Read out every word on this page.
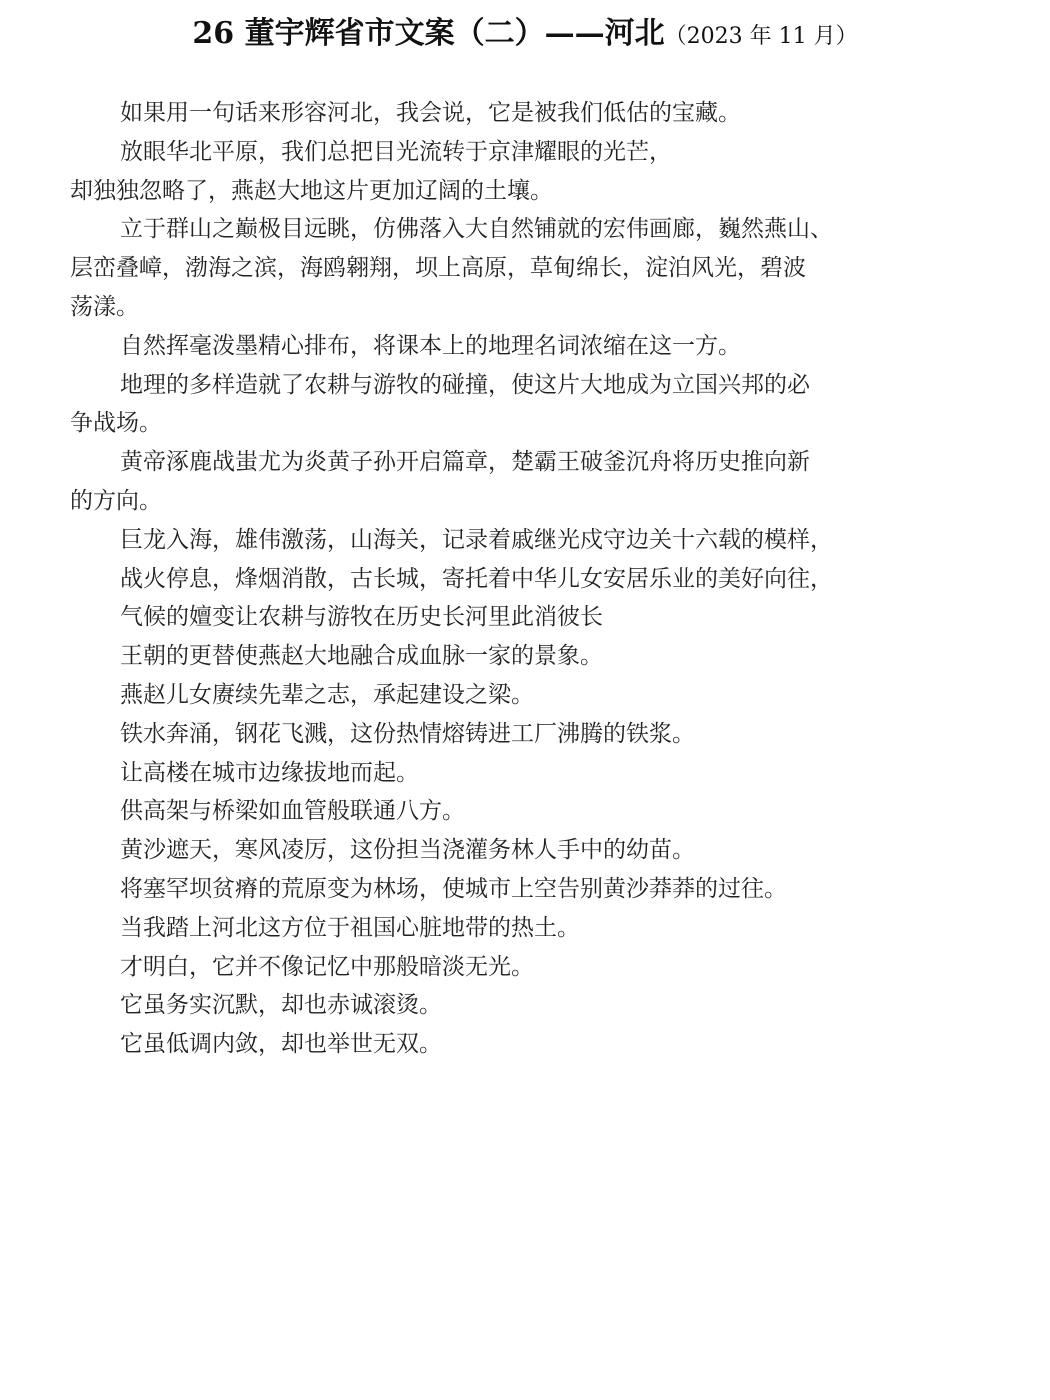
26 董宇辉省市文案（二）——河北（2023 年 11 月）
如果用一句话来形容河北，我会说，它是被我们低估的宝藏。
放眼华北平原，我们总把目光流转于京津耀眼的光芒，
却独独忽略了，燕赵大地这片更加辽阔的土壤。
立于群山之巅极目远眺，仿佛落入大自然铺就的宏伟画廊，巍然燕山、
层峦叠嶂，渤海之滨，海鸥翱翔，坝上高原，草甸绵长，淀泊风光，碧波
荡漾。
自然挥毫泼墨精心排布，将课本上的地理名词浓缩在这一方。
地理的多样造就了农耕与游牧的碰撞，使这片大地成为立国兴邦的必
争战场。
黄帝涿鹿战蚩尤为炎黄子孙开启篇章，楚霸王破釜沉舟将历史推向新
的方向。
巨龙入海，雄伟激荡，山海关，记录着戚继光戍守边关十六载的模样，
战火停息，烽烟消散，古长城，寄托着中华儿女安居乐业的美好向往，
气候的嬗变让农耕与游牧在历史长河里此消彼长
王朝的更替使燕赵大地融合成血脉一家的景象。
燕赵儿女赓续先辈之志，承起建设之梁。
铁水奔涌，钢花飞溅，这份热情熔铸进工厂沸腾的铁浆。
让高楼在城市边缘拔地而起。
供高架与桥梁如血管般联通八方。
黄沙遮天，寒风凌厉，这份担当浇灌务林人手中的幼苗。
将塞罕坝贫瘠的荒原变为林场，使城市上空告别黄沙莽莽的过往。
当我踏上河北这方位于祖国心脏地带的热土。
才明白，它并不像记忆中那般暗淡无光。
它虽务实沉默，却也赤诚滚烫。
它虽低调内敛，却也举世无双。
